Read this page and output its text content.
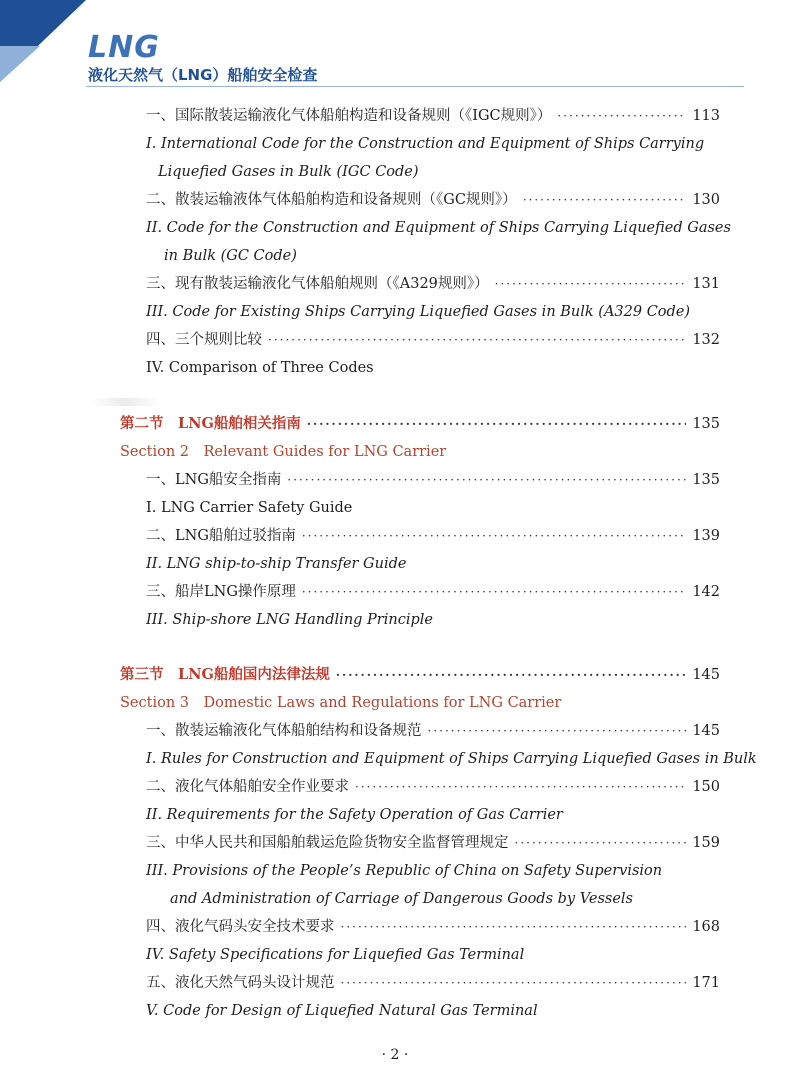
LNG
液化天然气（LNG）船舶安全检查
一、国际散装运输液化气体船舶构造和设备规则（《IGC规则》） ·····	113
I. International Code for the Construction and Equipment of Ships Carrying
Liquefied Gases in Bulk (IGC Code)
二、散装运输液体气体船舶构造和设备规则（《GC规则》） ·····	130
II. Code for the Construction and Equipment of Ships Carrying Liquefied Gases
in Bulk (GC Code)
三、现有散装运输液化气体船舶规则（《A329规则》） ·····	131
III. Code for Existing Ships Carrying Liquefied Gases in Bulk (A329 Code)
四、三个规则比较 ·····	132
IV. Comparison of Three Codes
第二节　LNG船舶相关指南 ·····	135
Section 2　Relevant Guides for LNG Carrier
一、LNG船安全指南 ·····	135
I. LNG Carrier Safety Guide
二、LNG船舶过驳指南 ·····	139
II. LNG ship-to-ship Transfer Guide
三、船岸LNG操作原理 ·····	142
III. Ship-shore LNG Handling Principle
第三节　LNG船舶国内法律法规 ·····	145
Section 3　Domestic Laws and Regulations for LNG Carrier
一、散装运输液化气体船舶结构和设备规范 ·····	145
I. Rules for Construction and Equipment of Ships Carrying Liquefied Gases in Bulk
二、液化气体船舶安全作业要求 ·····	150
II. Requirements for the Safety Operation of Gas Carrier
三、中华人民共和国船舶载运危险货物安全监督管理规定 ·····	159
III. Provisions of the People’s Republic of China on Safety Supervision
and Administration of Carriage of Dangerous Goods by Vessels
四、液化气码头安全技术要求 ·····	168
IV. Safety Specifications for Liquefied Gas Terminal
五、液化天然气码头设计规范 ·····	171
V. Code for Design of Liquefied Natural Gas Terminal
· 2 ·
